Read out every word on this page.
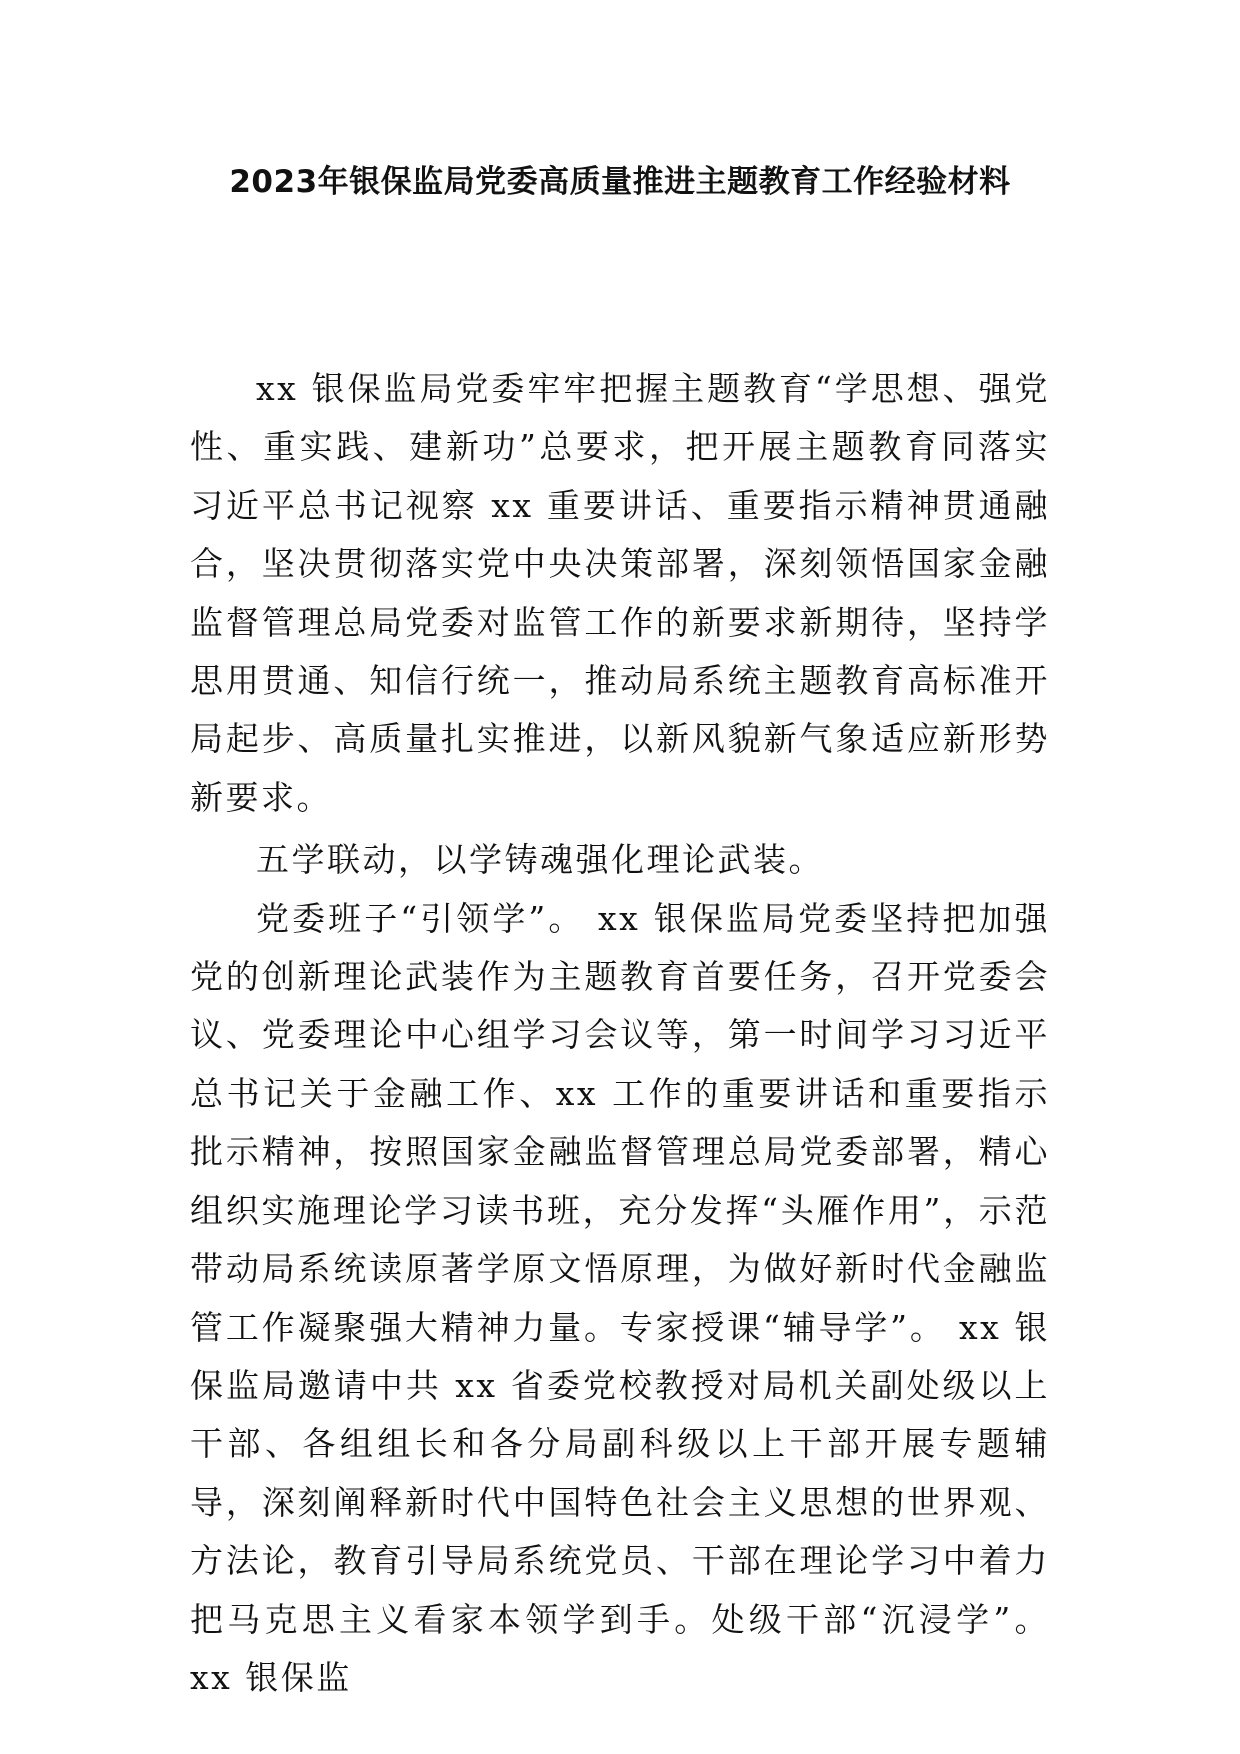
2023年银保监局党委高质量推进主题教育工作经验材料

xx 银保监局党委牢牢把握主题教育“学思想、强党性、重实践、建新功”总要求，把开展主题教育同落实习近平总书记视察 xx 重要讲话、重要指示精神贯通融合，坚决贯彻落实党中央决策部署，深刻领悟国家金融监督管理总局党委对监管工作的新要求新期待，坚持学思用贯通、知信行统一，推动局系统主题教育高标准开局起步、高质量扎实推进，以新风貌新气象适应新形势新要求。

五学联动，以学铸魂强化理论武装。

党委班子“引领学”。 xx 银保监局党委坚持把加强党的创新理论武装作为主题教育首要任务，召开党委会议、党委理论中心组学习会议等，第一时间学习习近平总书记关于金融工作、xx 工作的重要讲话和重要指示批示精神，按照国家金融监督管理总局党委部署，精心组织实施理论学习读书班，充分发挥“头雁作用”，示范带动局系统读原著学原文悟原理，为做好新时代金融监管工作凝聚强大精神力量。专家授课“辅导学”。 xx 银保监局邀请中共 xx 省委党校教授对局机关副处级以上干部、各组组长和各分局副科级以上干部开展专题辅导，深刻阐释新时代中国特色社会主义思想的世界观、方法论，教育引导局系统党员、干部在理论学习中着力把马克思主义看家本领学到手。处级干部“沉浸学”。xx 银保监
